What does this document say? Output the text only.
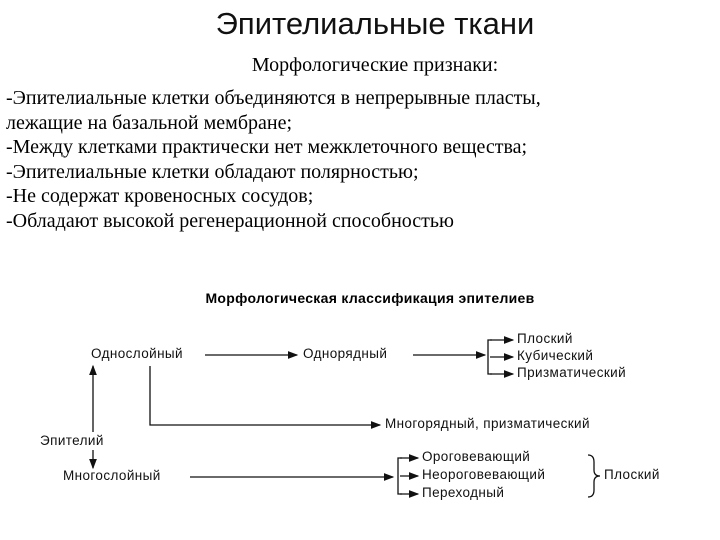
Эпителиальные ткани
Морфологические признаки:
-Эпителиальные клетки объединяются в непрерывные пласты,
лежащие на базальной мембране;
-Между клетками практически нет межклеточного вещества;
-Эпителиальные клетки обладают полярностью;
-Не содержат кровеносных сосудов;
-Обладают высокой регенерационной способностью
Морфологическая классификация эпителиев
Однослойный	Однорядный
Плоский
Кубический
Призматический
Многорядный, призматический
Эпителий
Многослойный
Ороговевающий
Неороговевающий
Переходный
Плоский
